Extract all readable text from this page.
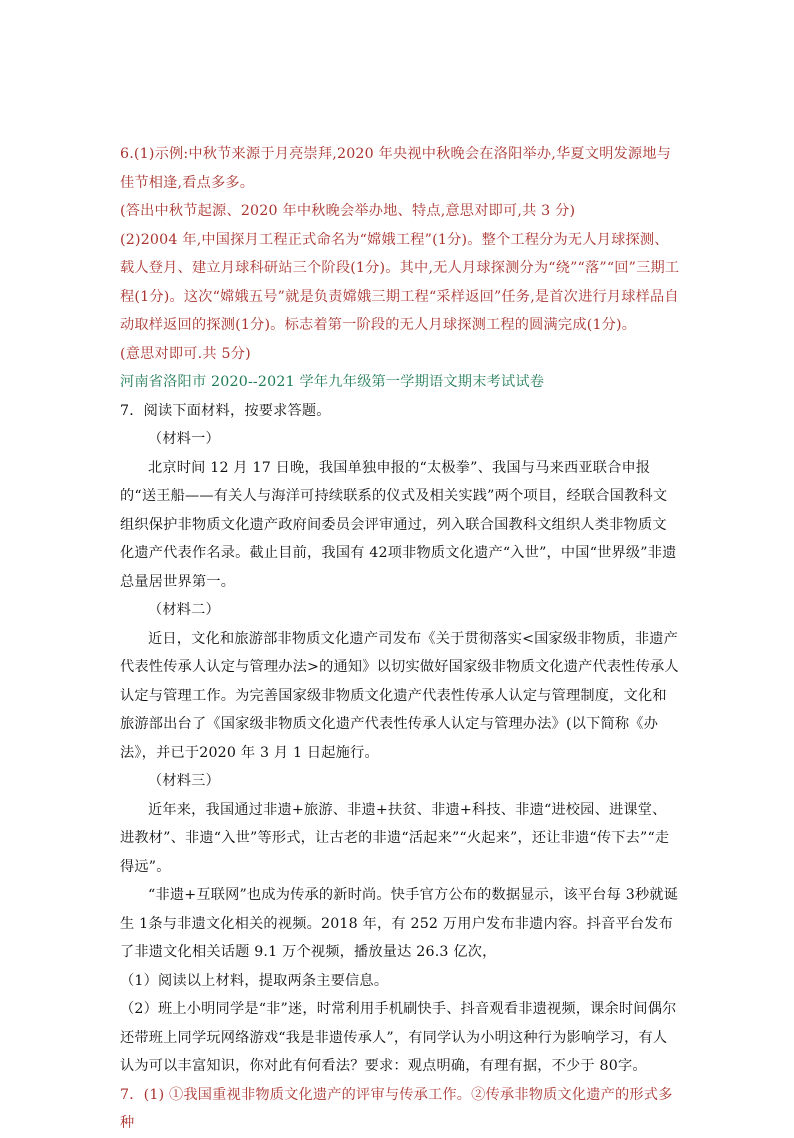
6.(1)示例:中秋节来源于月亮崇拜,2020 年央视中秋晚会在洛阳举办,华夏文明发源地与佳节相逢,看点多多。

(答出中秋节起源、2020 年中秋晚会举办地、特点,意思对即可,共 3 分)

(2)2004 年,中国探月工程正式命名为“嫦娥工程”(1分)。整个工程分为无人月球探测、载人登月、建立月球科研站三个阶段(1分)。其中,无人月球探测分为“绕”“落”“回”三期工程(1分)。这次“嫦娥五号”就是负责嫦娥三期工程“采样返回”任务,是首次进行月球样品自动取样返回的探测(1分)。标志着第一阶段的无人月球探测工程的圆满完成(1分)。

(意思对即可.共 5分)

河南省洛阳市 2020--2021 学年九年级第一学期语文期末考试试卷

7．阅读下面材料，按要求答题。

（材料一）

北京时间 12 月 17 日晚，我国单独申报的“太极拳”、我国与马来西亚联合申报的“送王船——有关人与海洋可持续联系的仪式及相关实践”两个项目，经联合国教科文组织保护非物质文化遗产政府间委员会评审通过，列入联合国教科文组织人类非物质文化遗产代表作名录。截止目前，我国有 42项非物质文化遗产“入世”，中国“世界级”非遗总量居世界第一。

（材料二）

近日，文化和旅游部非物质文化遗产司发布《关于贯彻落实<国家级非物质，非遗产代表性传承人认定与管理办法>的通知》以切实做好国家级非物质文化遗产代表性传承人认定与管理工作。为完善国家级非物质文化遗产代表性传承人认定与管理制度，文化和旅游部出台了《国家级非物质文化遗产代表性传承人认定与管理办法》(以下简称《办法》，并已于2020 年 3 月 1 日起施行。

（材料三）

近年来，我国通过非遗+旅游、非遗+扶贫、非遗+科技、非遗“进校园、进课堂、进教材”、非遗“入世”等形式，让古老的非遗“活起来”“火起来”，还让非遗“传下去”“走得远”。

“非遗+互联网”也成为传承的新时尚。快手官方公布的数据显示，该平台每 3秒就诞生 1条与非遗文化相关的视频。2018 年，有 252 万用户发布非遗内容。抖音平台发布了非遗文化相关话题 9.1 万个视频，播放量达 26.3 亿次，

（1）阅读以上材料，提取两条主要信息。

（2）班上小明同学是“非”迷，时常利用手机刷快手、抖音观看非遗视频，课余时间偶尔还带班上同学玩网络游戏“我是非遗传承人”，有同学认为小明这种行为影响学习，有人认为可以丰富知识，你对此有何看法？要求：观点明确，有理有据，不少于 80字。

7．(1) ①我国重视非物质文化遗产的评审与传承工作。②传承非物质文化遗产的形式多种
